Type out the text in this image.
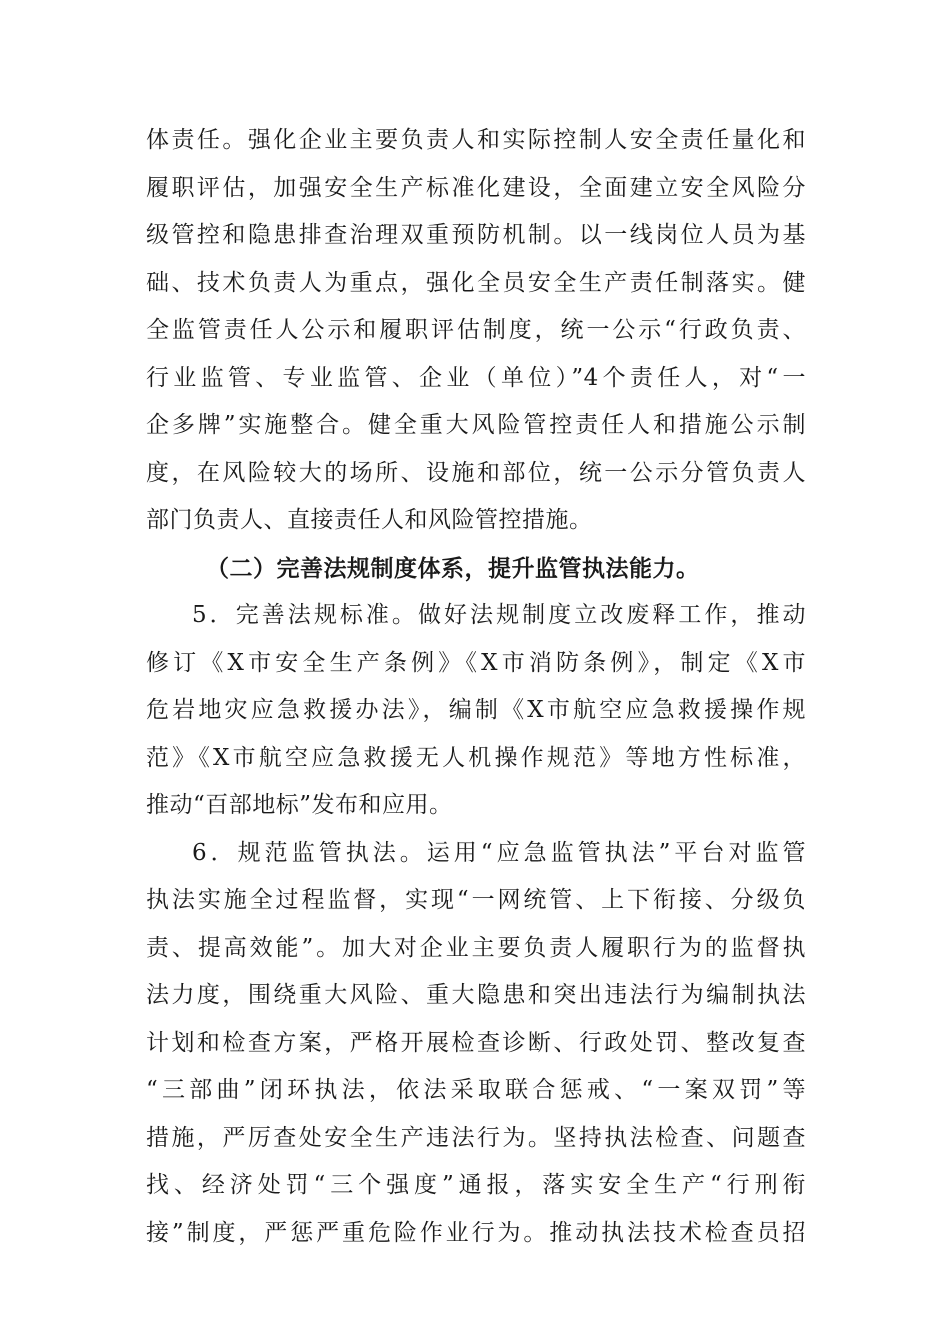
体责任。强化企业主要负责人和实际控制人安全责任量化和
履职评估，加强安全生产标准化建设，全面建立安全风险分
级管控和隐患排查治理双重预防机制。以一线岗位人员为基
础、技术负责人为重点，强化全员安全生产责任制落实。健
全监管责任人公示和履职评估制度，统一公示“行政负责、
行业监管、专业监管、企业（单位）”4个责任人，对“一
企多牌”实施整合。健全重大风险管控责任人和措施公示制
度，在风险较大的场所、设施和部位，统一公示分管负责人
部门负责人、直接责任人和风险管控措施。
（二）完善法规制度体系，提升监管执法能力。
5．完善法规标准。做好法规制度立改废释工作，推动
修订《X市安全生产条例》《X市消防条例》，制定《X市
危岩地灾应急救援办法》，编制《X市航空应急救援操作规
范》《X市航空应急救援无人机操作规范》等地方性标准，
推动“百部地标”发布和应用。
6．规范监管执法。运用“应急监管执法”平台对监管
执法实施全过程监督，实现“一网统管、上下衔接、分级负
责、提高效能”。加大对企业主要负责人履职行为的监督执
法力度，围绕重大风险、重大隐患和突出违法行为编制执法
计划和检查方案，严格开展检查诊断、行政处罚、整改复查
“三部曲”闭环执法，依法采取联合惩戒、“一案双罚”等
措施，严厉查处安全生产违法行为。坚持执法检查、问题查
找、经济处罚“三个强度”通报，落实安全生产“行刑衔
接”制度，严惩严重危险作业行为。推动执法技术检查员招
